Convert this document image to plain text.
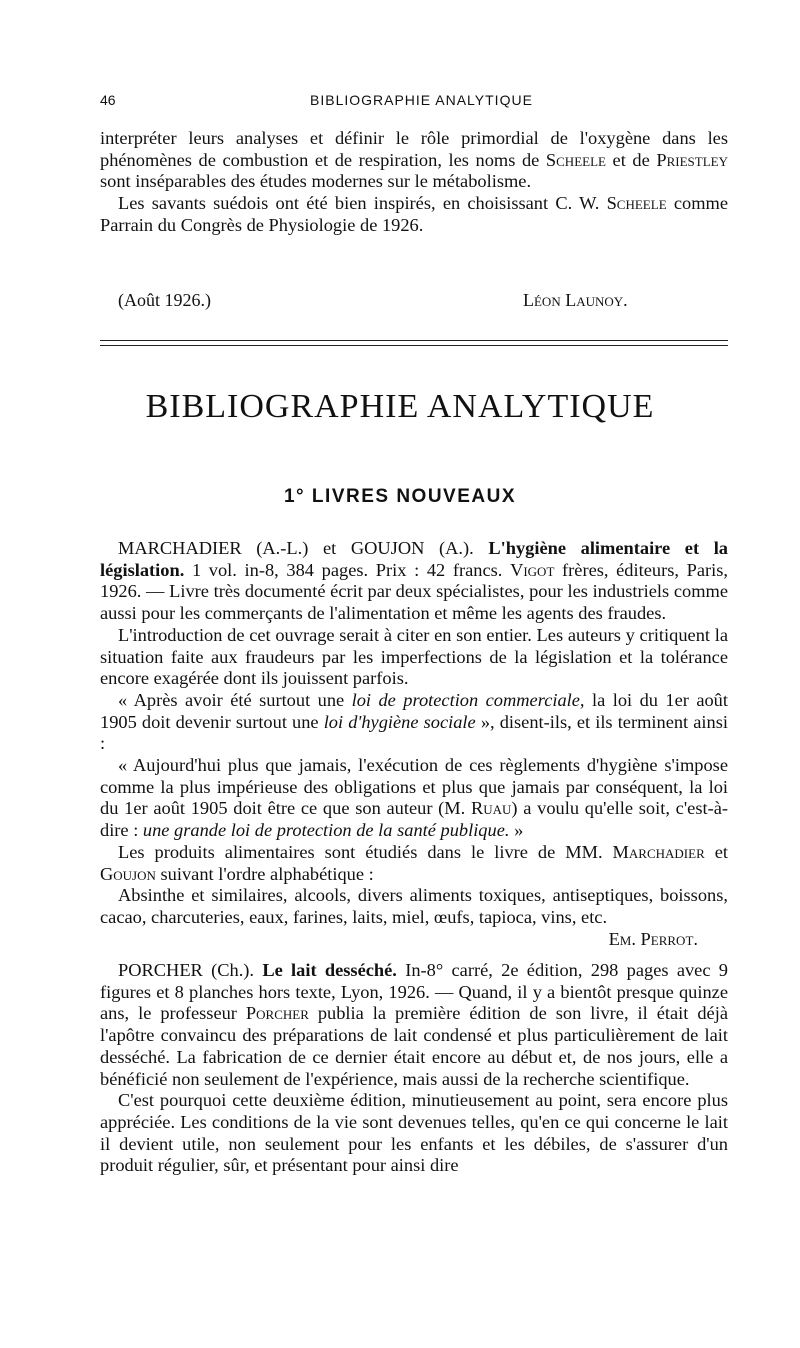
46	BIBLIOGRAPHIE ANALYTIQUE

interpréter leurs analyses et définir le rôle primordial de l'oxygène dans les phénomènes de combustion et de respiration, les noms de Scheele et de Priestley sont inséparables des études modernes sur le métabolisme.

Les savants suédois ont été bien inspirés, en choisissant C. W. Scheele comme Parrain du Congrès de Physiologie de 1926.

(Août 1926.)	Léon Launoy.
BIBLIOGRAPHIE ANALYTIQUE
1° LIVRES NOUVEAUX

MARCHADIER (A.-L.) et GOUJON (A.). L'hygiène alimentaire et la législation. 1 vol. in-8, 384 pages. Prix : 42 francs. Vigot frères, éditeurs, Paris, 1926. — Livre très documenté écrit par deux spécialistes, pour les industriels comme aussi pour les commerçants de l'alimentation et même les agents des fraudes.

L'introduction de cet ouvrage serait à citer en son entier. Les auteurs y critiquent la situation faite aux fraudeurs par les imperfections de la législation et la tolérance encore exagérée dont ils jouissent parfois.

« Après avoir été surtout une loi de protection commerciale, la loi du 1er août 1905 doit devenir surtout une loi d'hygiène sociale », disent-ils, et ils terminent ainsi :

« Aujourd'hui plus que jamais, l'exécution de ces règlements d'hygiène s'impose comme la plus impérieuse des obligations et plus que jamais par conséquent, la loi du 1er août 1905 doit être ce que son auteur (M. Ruau) a voulu qu'elle soit, c'est-à-dire : une grande loi de protection de la santé publique. »

Les produits alimentaires sont étudiés dans le livre de MM. Marchadier et Goujon suivant l'ordre alphabétique :

Absinthe et similaires, alcools, divers aliments toxiques, antiseptiques, boissons, cacao, charcuteries, eaux, farines, laits, miel, œufs, tapioca, vins, etc.

Em. Perrot.

PORCHER (Ch.). Le lait desséché. In-8° carré, 2e édition, 298 pages avec 9 figures et 8 planches hors texte, Lyon, 1926. — Quand, il y a bientôt presque quinze ans, le professeur Porcher publia la première édition de son livre, il était déjà l'apôtre convaincu des préparations de lait condensé et plus particulièrement de lait desséché. La fabrication de ce dernier était encore au début et, de nos jours, elle a bénéficié non seulement de l'expérience, mais aussi de la recherche scientifique.

C'est pourquoi cette deuxième édition, minutieusement au point, sera encore plus appréciée. Les conditions de la vie sont devenues telles, qu'en ce qui concerne le lait il devient utile, non seulement pour les enfants et les débiles, de s'assurer d'un produit régulier, sûr, et présentant pour ainsi dire
